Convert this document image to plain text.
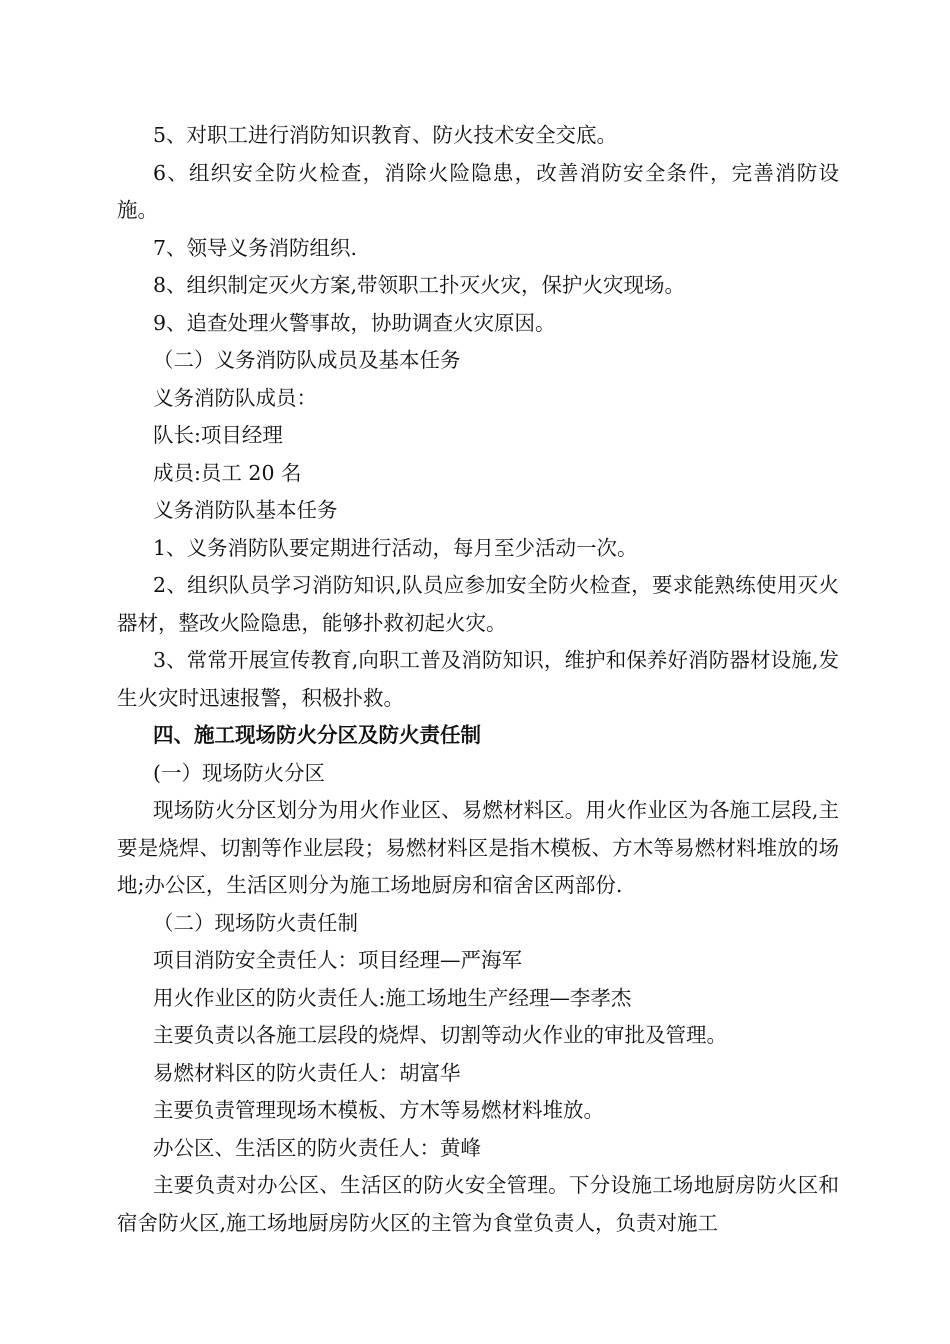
5、对职工进行消防知识教育、防火技术安全交底。

6、组织安全防火检查，消除火险隐患，改善消防安全条件，完善消防设施。

7、领导义务消防组织.

8、组织制定灭火方案,带领职工扑灭火灾，保护火灾现场。

9、追查处理火警事故，协助调查火灾原因。

（二）义务消防队成员及基本任务

义务消防队成员：

队长:项目经理

成员:员工 20 名

义务消防队基本任务

1、义务消防队要定期进行活动，每月至少活动一次。

2、组织队员学习消防知识,队员应参加安全防火检查，要求能熟练使用灭火器材，整改火险隐患，能够扑救初起火灾。

3、常常开展宣传教育,向职工普及消防知识，维护和保养好消防器材设施,发生火灾时迅速报警，积极扑救。

四、施工现场防火分区及防火责任制

(一）现场防火分区

现场防火分区划分为用火作业区、易燃材料区。用火作业区为各施工层段,主要是烧焊、切割等作业层段；易燃材料区是指木模板、方木等易燃材料堆放的场地;办公区，生活区则分为施工场地厨房和宿舍区两部份.

（二）现场防火责任制

项目消防安全责任人：项目经理—严海军

用火作业区的防火责任人:施工场地生产经理—李孝杰

主要负责以各施工层段的烧焊、切割等动火作业的审批及管理。

易燃材料区的防火责任人：胡富华

主要负责管理现场木模板、方木等易燃材料堆放。

办公区、生活区的防火责任人：黄峰

主要负责对办公区、生活区的防火安全管理。下分设施工场地厨房防火区和宿舍防火区,施工场地厨房防火区的主管为食堂负责人，负责对施工
